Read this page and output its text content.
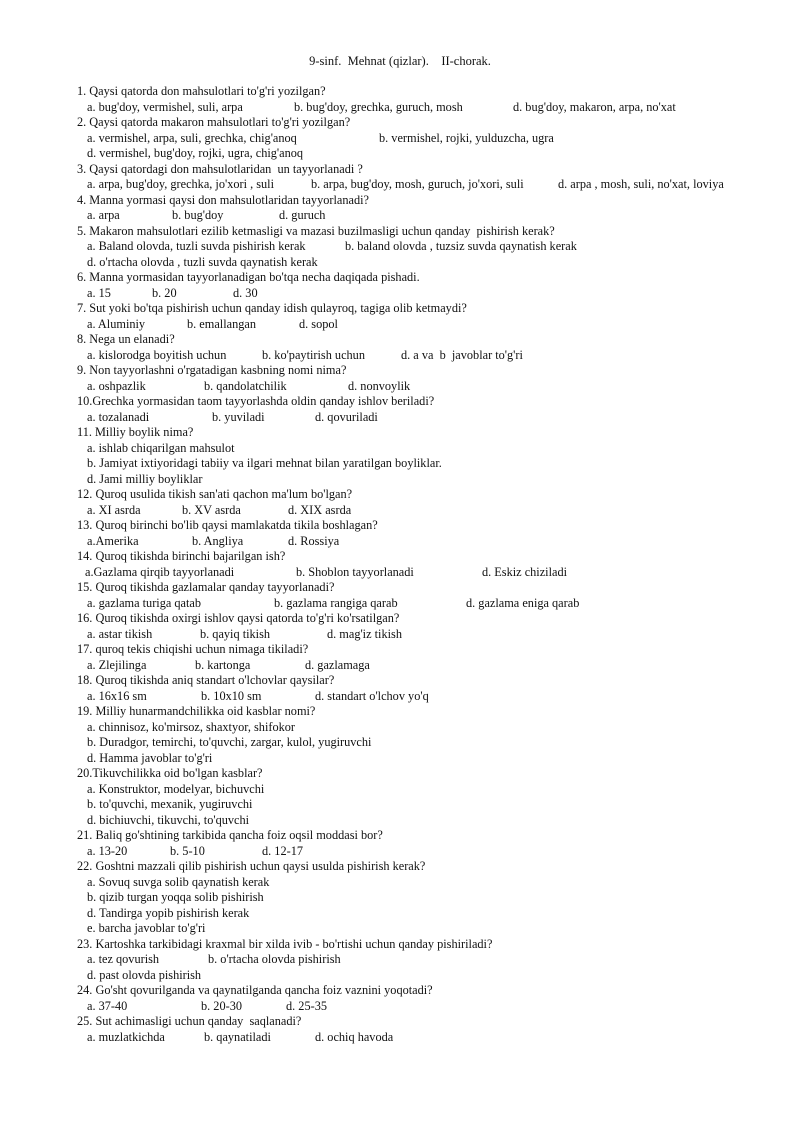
9-sinf.  Mehnat (qizlar).    II-chorak.
1. Qaysi qatorda don mahsulotlari to'g'ri yozilgan?
a. bug'doy, vermishel, suli, arpa	b. bug'doy, grechka, guruch, mosh	d. bug'doy, makaron, arpa, no'xat
2. Qaysi qatorda makaron mahsulotlari to'g'ri yozilgan?
a. vermishel, arpa, suli, grechka, chig'anoq	b. vermishel, rojki, yulduzcha, ugra
d. vermishel, bug'doy, rojki, ugra, chig'anoq
3. Qaysi qatordagi don mahsulotlaridan  un tayyorlanadi ?
a. arpa, bug'doy, grechka, jo'xori , suli	b. arpa, bug'doy, mosh, guruch, jo'xori, suli	d. arpa , mosh, suli, no'xat, loviya
4. Manna yormasi qaysi don mahsulotlaridan tayyorlanadi?
a. arpa	b. bug'doy	d. guruch
5. Makaron mahsulotlari ezilib ketmasligi va mazasi buzilmasligi uchun qanday  pishirish kerak?
a. Baland olovda, tuzli suvda pishirish kerak	b. baland olovda , tuzsiz suvda qaynatish kerak
d. o'rtacha olovda , tuzli suvda qaynatish kerak
6. Manna yormasidan tayyorlanadigan bo'tqa necha daqiqada pishadi.
a. 15	b. 20	d. 30
7. Sut yoki bo'tqa pishirish uchun qanday idish qulayroq, tagiga olib ketmaydi?
a. Aluminiy	b. emallangan	d. sopol
8. Nega un elanadi?
a. kislorodga boyitish uchun	b. ko'paytirish uchun	d. a va  b  javoblar to'g'ri
9. Non tayyorlashni o'rgatadigan kasbning nomi nima?
a. oshpazlik	b. qandolatchilik	d. nonvoylik
10.Grechka yormasidan taom tayyorlashda oldin qanday ishlov beriladi?
a. tozalanadi	b. yuviladi	d. qovuriladi
11. Milliy boylik nima?
a. ishlab chiqarilgan mahsulot
b. Jamiyat ixtiyoridagi tabiiy va ilgari mehnat bilan yaratilgan boyliklar.
d. Jami milliy boyliklar
12. Quroq usulida tikish san'ati qachon ma'lum bo'lgan?
a. XI asrda	b. XV asrda	d. XIX asrda
13. Quroq birinchi bo'lib qaysi mamlakatda tikila boshlagan?
a.Amerika	b. Angliya	d. Rossiya
14. Quroq tikishda birinchi bajarilgan ish?
a.Gazlama qirqib tayyorlanadi	b. Shoblon tayyorlanadi	d. Eskiz chiziladi
15. Quroq tikishda gazlamalar qanday tayyorlanadi?
a. gazlama turiga qatab	b. gazlama rangiga qarab	d. gazlama eniga qarab
16. Quroq tikishda oxirgi ishlov qaysi qatorda to'g'ri ko'rsatilgan?
a. astar tikish	b. qayiq tikish	d. mag'iz tikish
17. quroq tekis chiqishi uchun nimaga tikiladi?
a. Zlejilinga	b. kartonga	d. gazlamaga
18. Quroq tikishda aniq standart o'lchovlar qaysilar?
a. 16x16 sm	b. 10x10 sm	d. standart o'lchov yo'q
19. Milliy hunarmandchilikka oid kasblar nomi?
a. chinnisoz, ko'mirsoz, shaxtyor, shifokor
b. Duradgor, temirchi, to'quvchi, zargar, kulol, yugiruvchi
d. Hamma javoblar to'g'ri
20.Tikuvchilikka oid bo'lgan kasblar?
a. Konstruktor, modelyar, bichuvchi
b. to'quvchi, mexanik, yugiruvchi
d. bichiuvchi, tikuvchi, to'quvchi
21. Baliq go'shtining tarkibida qancha foiz oqsil moddasi bor?
a. 13-20	b. 5-10	d. 12-17
22. Goshtni mazzali qilib pishirish uchun qaysi usulda pishirish kerak?
a. Sovuq suvga solib qaynatish kerak
b. qizib turgan yoqqa solib pishirish
d. Tandirga yopib pishirish kerak
e. barcha javoblar to'g'ri
23. Kartoshka tarkibidagi kraxmal bir xilda ivib - bo'rtishi uchun qanday pishiriladi?
a. tez qovurish	b. o'rtacha olovda pishirish
d. past olovda pishirish
24. Go'sht qovurilganda va qaynatilganda qancha foiz vaznini yoqotadi?
a. 37-40	b. 20-30	d. 25-35
25. Sut achimasligi uchun qanday  saqlanadi?
a. muzlatkichda	b. qaynatiladi	d. ochiq havoda
